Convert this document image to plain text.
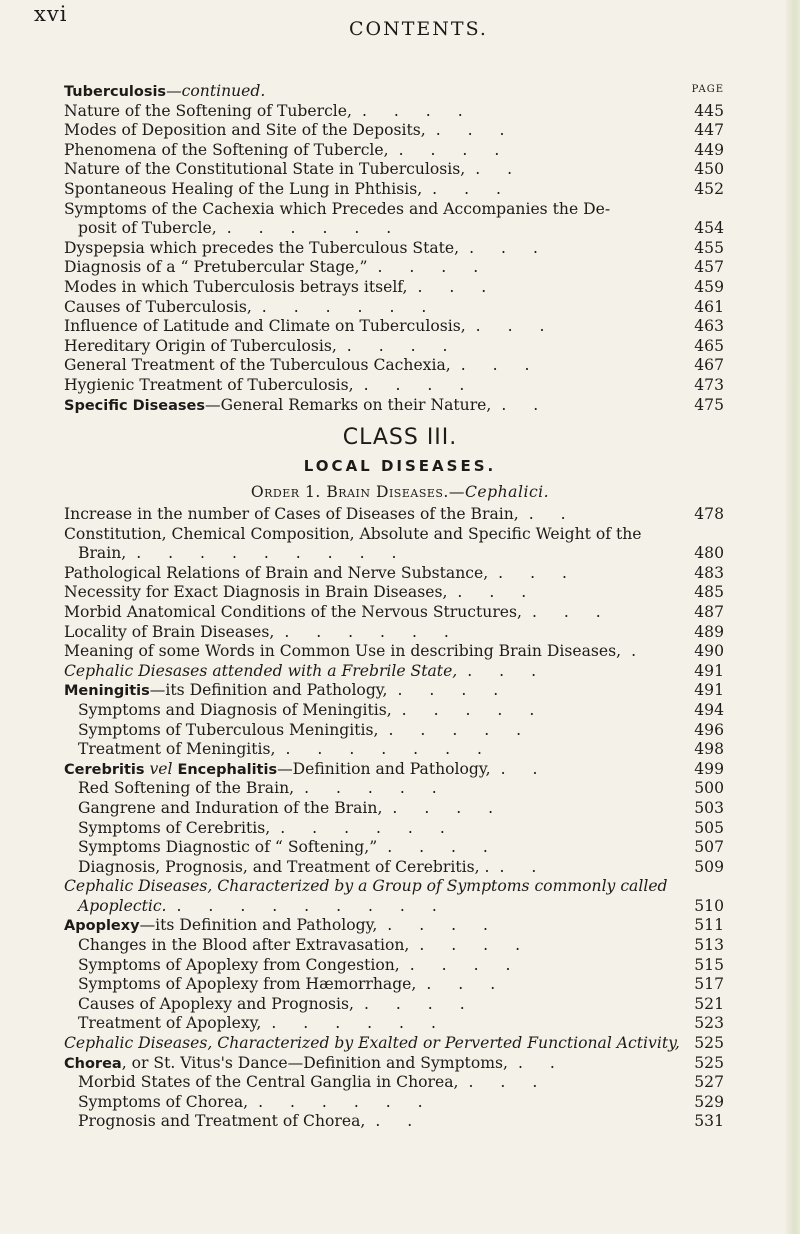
xvi
CONTENTS.
Tuberculosis—continued.	PAGE
Nature of the Softening of Tubercle, . . . .	445
Modes of Deposition and Site of the Deposits, . . .	447
Phenomena of the Softening of Tubercle, . . . .	449
Nature of the Constitutional State in Tuberculosis, . .	450
Spontaneous Healing of the Lung in Phthisis, . . .	452
Symptoms of the Cachexia which Precedes and Accompanies the De-
posit of Tubercle, . . . . . .	454
Dyspepsia which precedes the Tuberculous State, . . .	455
Diagnosis of a “ Pretubercular Stage,” . . . .	457
Modes in which Tuberculosis betrays itself, . . .	459
Causes of Tuberculosis, . . . . . .	461
Influence of Latitude and Climate on Tuberculosis, . . .	463
Hereditary Origin of Tuberculosis, . . . .	465
General Treatment of the Tuberculous Cachexia, . . .	467
Hygienic Treatment of Tuberculosis, . . . .	473
Specific Diseases—General Remarks on their Nature, . .	475
CLASS III.
LOCAL DISEASES.
Order 1. Brain Diseases.—Cephalici.
Increase in the number of Cases of Diseases of the Brain, . .	478
Constitution, Chemical Composition, Absolute and Specific Weight of the
Brain, . . . . . . . . .	480
Pathological Relations of Brain and Nerve Substance, . . .	483
Necessity for Exact Diagnosis in Brain Diseases, . . .	485
Morbid Anatomical Conditions of the Nervous Structures, . . .	487
Locality of Brain Diseases, . . . . . .	489
Meaning of some Words in Common Use in describing Brain Diseases, .	490
Cephalic Diesases attended with a Frebrile State, . . .	491
Meningitis—its Definition and Pathology, . . . .	491
Symptoms and Diagnosis of Meningitis, . . . . .	494
Symptoms of Tuberculous Meningitis, . . . . .	496
Treatment of Meningitis, . . . . . . .	498
Cerebritis vel Encephalitis—Definition and Pathology, . .	499
Red Softening of the Brain, . . . . .	500
Gangrene and Induration of the Brain, . . . .	503
Symptoms of Cerebritis, . . . . . .	505
Symptoms Diagnostic of “ Softening,” . . . .	507
Diagnosis, Prognosis, and Treatment of Cerebritis, . . .	509
Cephalic Diseases, Characterized by a Group of Symptoms commonly called
Apoplectic. . . . . . . . . .	510
Apoplexy—its Definition and Pathology, . . . .	511
Changes in the Blood after Extravasation, . . . .	513
Symptoms of Apoplexy from Congestion, . . . .	515
Symptoms of Apoplexy from Hæmorrhage, . . .	517
Causes of Apoplexy and Prognosis, . . . .	521
Treatment of Apoplexy, . . . . . .	523
Cephalic Diseases, Characterized by Exalted or Perverted Functional Activity, 525
Chorea, or St. Vitus's Dance—Definition and Symptoms, . .	525
Morbid States of the Central Ganglia in Chorea, . . .	527
Symptoms of Chorea, . . . . . .	529
Prognosis and Treatment of Chorea, . .	531
